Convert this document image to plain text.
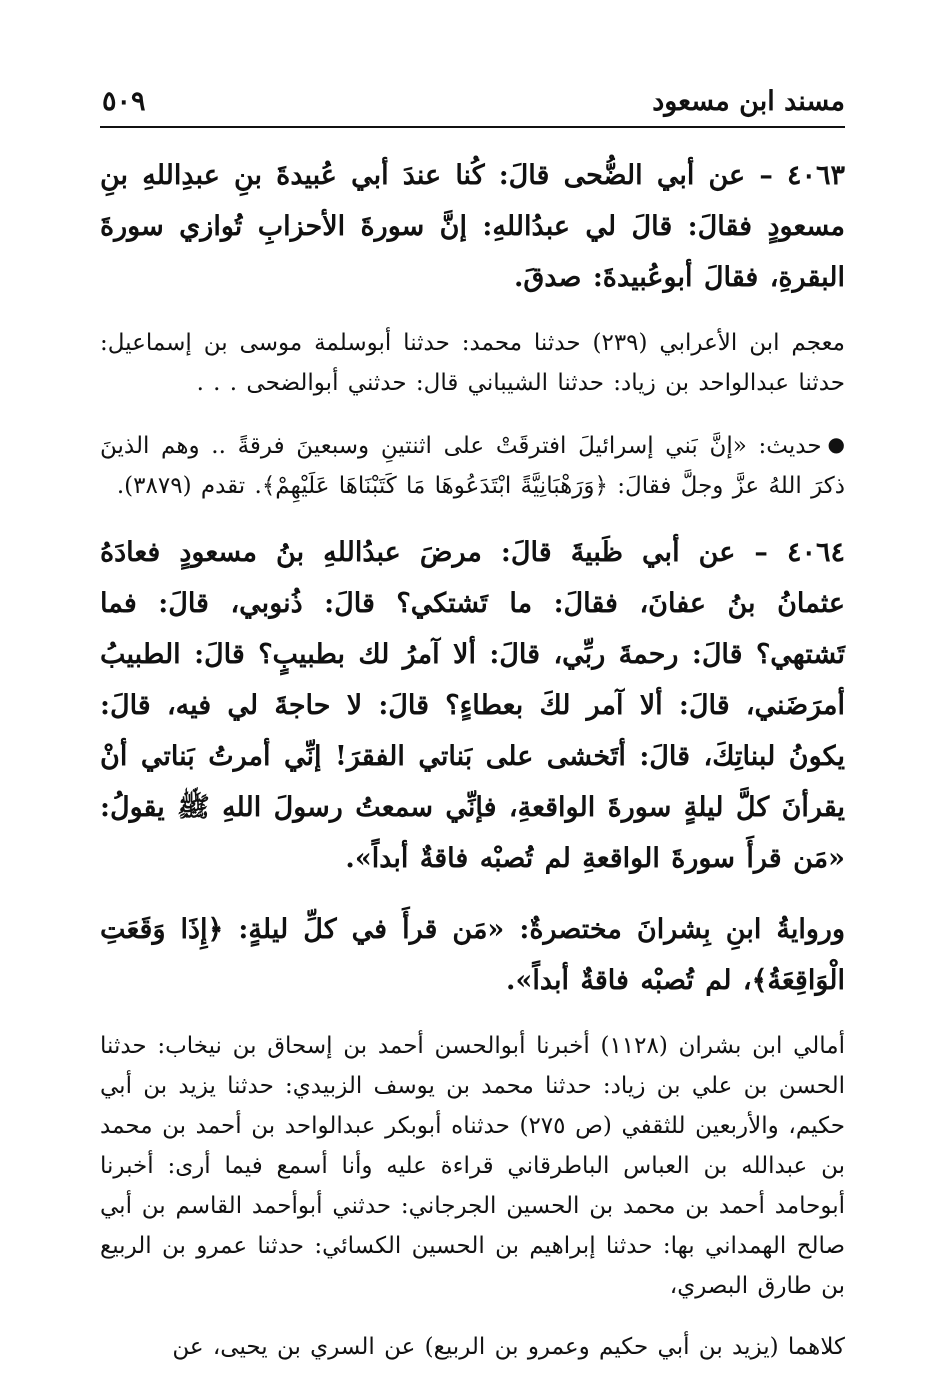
مسند ابن مسعود
٥٠٩

٤٠٦٣ – عن أبي الضُّحى قالَ: كُنا عندَ أبي عُبيدةَ بنِ عبدِاللهِ بنِ مسعودٍ فقالَ: قالَ لي عبدُاللهِ: إنَّ سورةَ الأحزابِ تُوازي سورةَ البقرةِ، فقالَ أبوعُبيدةَ: صدقَ.

معجم ابن الأعرابي (٢٣٩) حدثنا محمد: حدثنا أبوسلمة موسى بن إسماعيل: حدثنا عبدالواحد بن زياد: حدثنا الشيباني قال: حدثني أبوالضحى . . .

●حديث: «إنَّ بَني إسرائيلَ افترقَتْ على اثنتينِ وسبعينَ فرقةً .. وهم الذينَ ذكرَ اللهُ عزَّ وجلَّ فقالَ: ﴿وَرَهْبَانِيَّةً ابْتَدَعُوهَا مَا كَتَبْنَاهَا عَلَيْهِمْ﴾. تقدم (٣٨٧٩).

٤٠٦٤ – عن أبي ظَبيةَ قالَ: مرضَ عبدُاللهِ بنُ مسعودٍ فعادَهُ عثمانُ بنُ عفانَ، فقالَ: ما تَشتكي؟ قالَ: ذُنوبي، قالَ: فما تَشتهي؟ قالَ: رحمةَ ربِّي، قالَ: ألا آمرُ لك بطبيبٍ؟ قالَ: الطبيبُ أمرَضَني، قالَ: ألا آمر لكَ بعطاءٍ؟ قالَ: لا حاجةَ لي فيه، قالَ: يكونُ لبناتِكَ، قالَ: أتَخشى على بَناتي الفقرَ! إنِّي أمرتُ بَناتي أنْ يقرأنَ كلَّ ليلةٍ سورةَ الواقعةِ، فإنِّي سمعتُ رسولَ اللهِ ﷺ يقولُ: «مَن قرأَ سورةَ الواقعةِ لم تُصبْه فاقةٌ أبداً».

وروايةُ ابنِ بِشرانَ مختصرةٌ: «مَن قرأَ في كلِّ ليلةٍ: ﴿إِذَا وَقَعَتِ الْوَاقِعَةُ﴾، لم تُصبْه فاقةٌ أبداً».

أمالي ابن بشران (١١٢٨) أخبرنا أبوالحسن أحمد بن إسحاق بن نيخاب: حدثنا الحسن بن علي بن زياد: حدثنا محمد بن يوسف الزبيدي: حدثنا يزيد بن أبي حكيم، والأربعين للثقفي (ص ٢٧٥) حدثناه أبوبكر عبدالواحد بن أحمد بن محمد بن عبدالله بن العباس الباطرقاني قراءة عليه وأنا أسمع فيما أرى: أخبرنا أبوحامد أحمد بن محمد بن الحسين الجرجاني: حدثني أبوأحمد القاسم بن أبي صالح الهمداني بها: حدثنا إبراهيم بن الحسين الكسائي: حدثنا عمرو بن الربيع بن طارق البصري،

كلاهما (يزيد بن أبي حكيم وعمرو بن الربيع) عن السري بن يحيى، عن
